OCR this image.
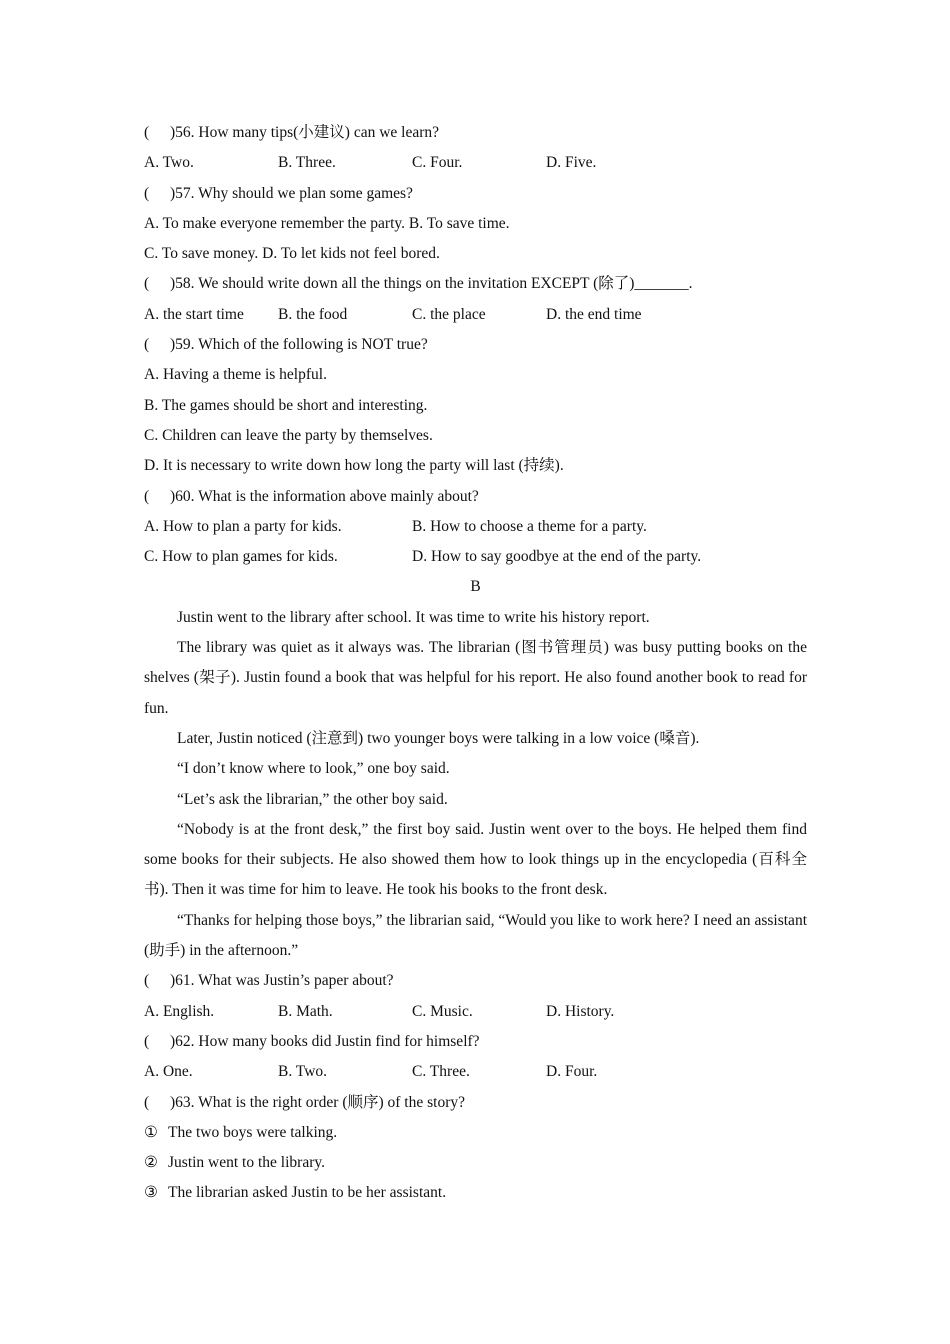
( )56. How many tips(小建议) can we learn?
A. Two.	B. Three.	C. Four.	D. Five.
( )57. Why should we plan some games?
A. To make everyone remember the party. B. To save time.
C. To save money. D. To let kids not feel bored.
( )58. We should write down all the things on the invitation EXCEPT (除了)_______.
A. the start time	B. the food	C. the place	D. the end time
( )59. Which of the following is NOT true?
A. Having a theme is helpful.
B. The games should be short and interesting.
C. Children can leave the party by themselves.
D. It is necessary to write down how long the party will last (持续).
( )60. What is the information above mainly about?
A. How to plan a party for kids.	B. How to choose a theme for a party.
C. How to plan games for kids.	D. How to say goodbye at the end of the party.
B
Justin went to the library after school. It was time to write his history report.
The library was quiet as it always was. The librarian (图书管理员) was busy putting books on the shelves (架子). Justin found a book that was helpful for his report. He also found another book to read for fun.
Later, Justin noticed (注意到) two younger boys were talking in a low voice (嗓音).
“I don’t know where to look,” one boy said.
“Let’s ask the librarian,” the other boy said.
“Nobody is at the front desk,” the first boy said. Justin went over to the boys. He helped them find some books for their subjects. He also showed them how to look things up in the encyclopedia (百科全书). Then it was time for him to leave. He took his books to the front desk.
“Thanks for helping those boys,” the librarian said, “Would you like to work here? I need an assistant (助手) in the afternoon.”
( )61. What was Justin’s paper about?
A. English.	B. Math.	C. Music.	D. History.
( )62. How many books did Justin find for himself?
A. One.	B. Two.	C. Three.	D. Four.
( )63. What is the right order (顺序) of the story?
① The two boys were talking.
② Justin went to the library.
③ The librarian asked Justin to be her assistant.
